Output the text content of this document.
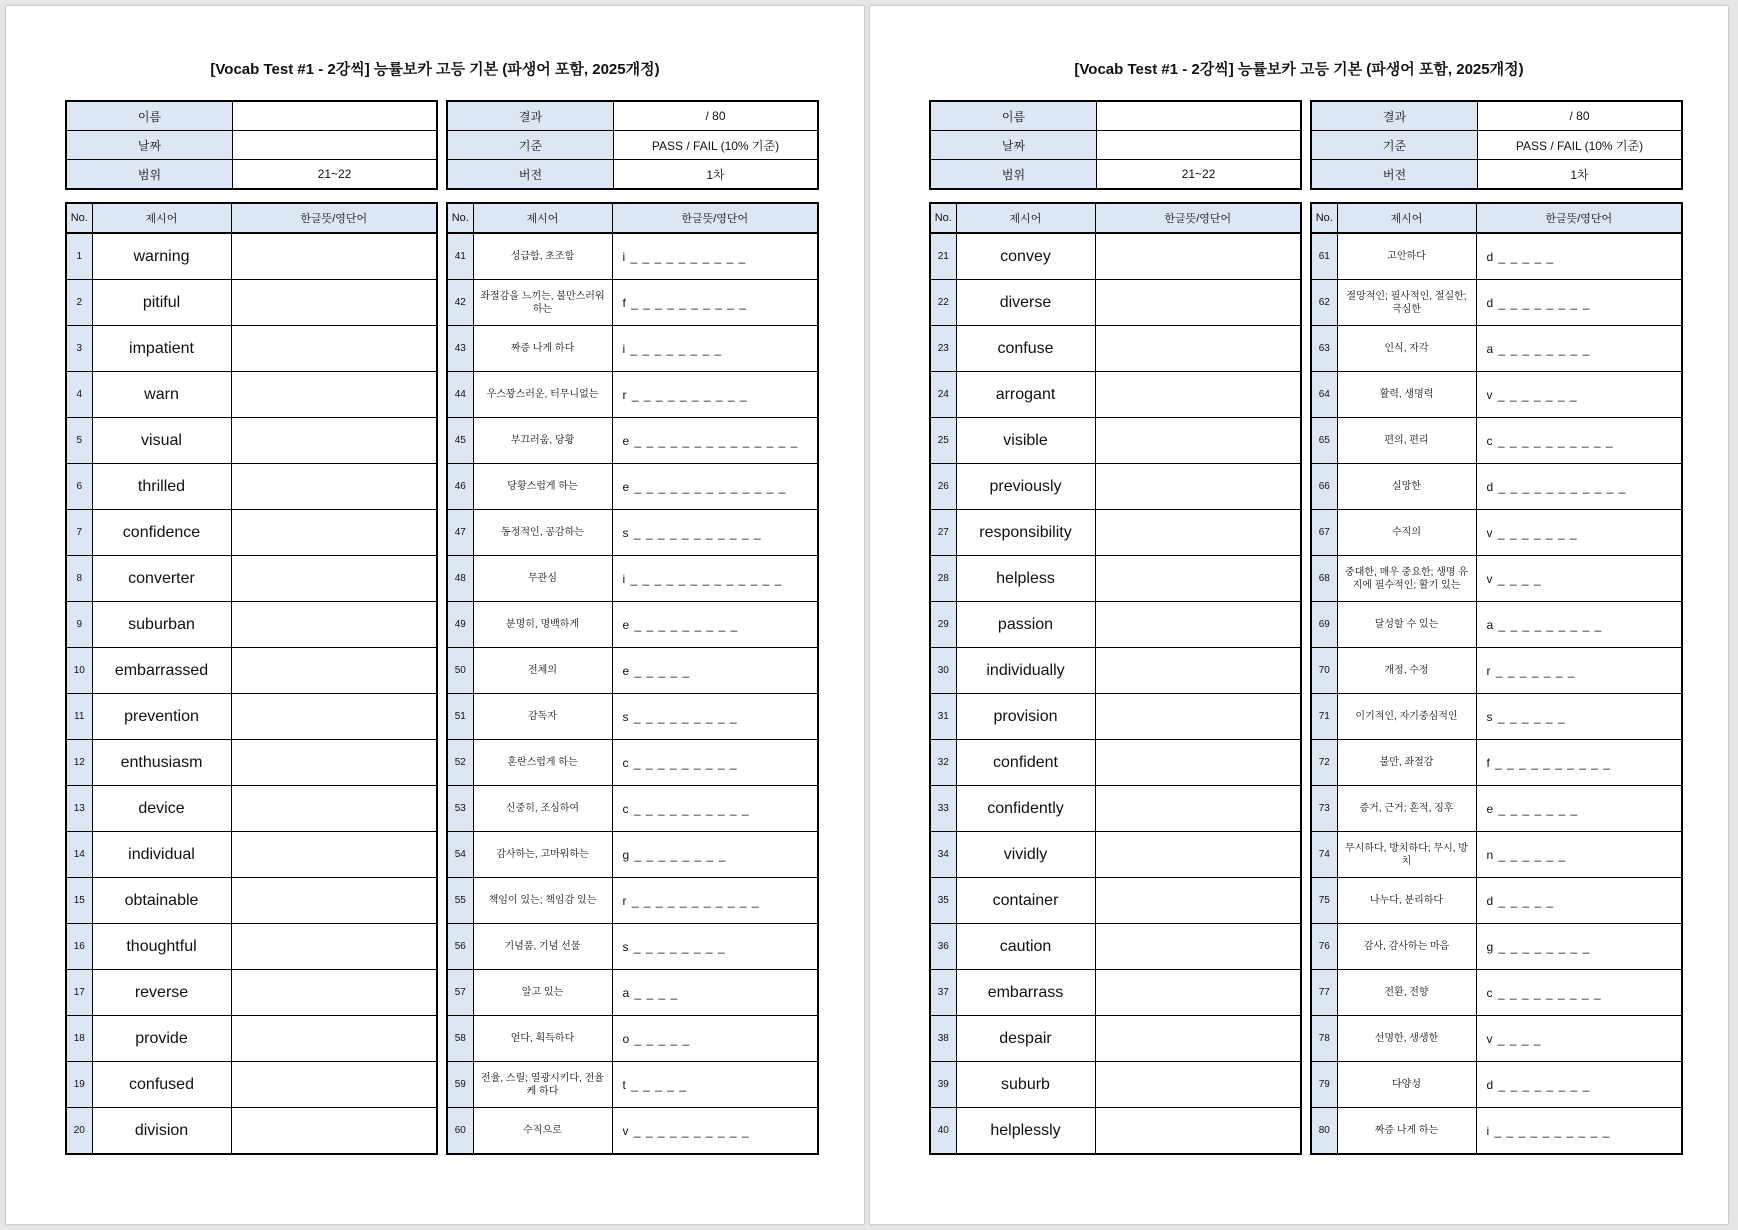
[Vocab Test #1 - 2강씩] 능률보카 고등 기본 (파생어 포함, 2025개정)
이름	
날짜	
범위	21~22
결과	/ 80
기준	PASS / FAIL (10% 기준)
버전	1차
No.	제시어	한글뜻/영단어
1	warning	
2	pitiful	
3	impatient	
4	warn	
5	visual	
6	thrilled	
7	confidence	
8	converter	
9	suburban	
10	embarrassed	
11	prevention	
12	enthusiasm	
13	device	
14	individual	
15	obtainable	
16	thoughtful	
17	reverse	
18	provide	
19	confused	
20	division	
No.	제시어	한글뜻/영단어
41	성급함, 초조함	i _ _ _ _ _ _ _ _ _ _
42	좌절감을 느끼는, 불만스러워하는	f _ _ _ _ _ _ _ _ _ _
43	짜증 나게 하다	i _ _ _ _ _ _ _ _
44	우스꽝스러운, 터무니없는	r _ _ _ _ _ _ _ _ _ _
45	부끄러움, 당황	e _ _ _ _ _ _ _ _ _ _ _ _ _ _
46	당황스럽게 하는	e _ _ _ _ _ _ _ _ _ _ _ _ _
47	동정적인, 공감하는	s _ _ _ _ _ _ _ _ _ _ _
48	무관심	i _ _ _ _ _ _ _ _ _ _ _ _ _
49	분명히, 명백하게	e _ _ _ _ _ _ _ _ _
50	전체의	e _ _ _ _ _
51	감독자	s _ _ _ _ _ _ _ _ _
52	혼란스럽게 하는	c _ _ _ _ _ _ _ _ _
53	신중히, 조심하여	c _ _ _ _ _ _ _ _ _ _
54	감사하는, 고마워하는	g _ _ _ _ _ _ _ _
55	책임이 있는; 책임감 있는	r _ _ _ _ _ _ _ _ _ _ _
56	기념품, 기념 선물	s _ _ _ _ _ _ _ _
57	알고 있는	a _ _ _ _
58	얻다, 획득하다	o _ _ _ _ _
59	전율, 스릴; 열광시키다, 전율케 하다	t _ _ _ _ _
60	수직으로	v _ _ _ _ _ _ _ _ _ _
[Vocab Test #1 - 2강씩] 능률보카 고등 기본 (파생어 포함, 2025개정)
이름	
날짜	
범위	21~22
결과	/ 80
기준	PASS / FAIL (10% 기준)
버전	1차
No.	제시어	한글뜻/영단어
21	convey	
22	diverse	
23	confuse	
24	arrogant	
25	visible	
26	previously	
27	responsibility	
28	helpless	
29	passion	
30	individually	
31	provision	
32	confident	
33	confidently	
34	vividly	
35	container	
36	caution	
37	embarrass	
38	despair	
39	suburb	
40	helplessly	
No.	제시어	한글뜻/영단어
61	고안하다	d _ _ _ _ _
62	절망적인; 필사적인, 절실한; 극심한	d _ _ _ _ _ _ _ _
63	인식, 자각	a _ _ _ _ _ _ _ _
64	활력, 생명력	v _ _ _ _ _ _ _
65	편의, 편리	c _ _ _ _ _ _ _ _ _ _
66	실망한	d _ _ _ _ _ _ _ _ _ _ _
67	수직의	v _ _ _ _ _ _ _
68	중대한, 매우 중요한; 생명 유지에 필수적인; 활기 있는	v _ _ _ _
69	달성할 수 있는	a _ _ _ _ _ _ _ _ _
70	개정, 수정	r _ _ _ _ _ _ _
71	이기적인, 자기중심적인	s _ _ _ _ _ _
72	불만, 좌절감	f _ _ _ _ _ _ _ _ _ _
73	증거, 근거; 흔적, 징후	e _ _ _ _ _ _ _
74	무시하다, 방치하다; 무시, 방치	n _ _ _ _ _ _
75	나누다, 분리하다	d _ _ _ _ _
76	감사, 감사하는 마음	g _ _ _ _ _ _ _ _
77	전환, 전향	c _ _ _ _ _ _ _ _ _
78	선명한, 생생한	v _ _ _ _
79	다양성	d _ _ _ _ _ _ _ _
80	짜증 나게 하는	i _ _ _ _ _ _ _ _ _ _
